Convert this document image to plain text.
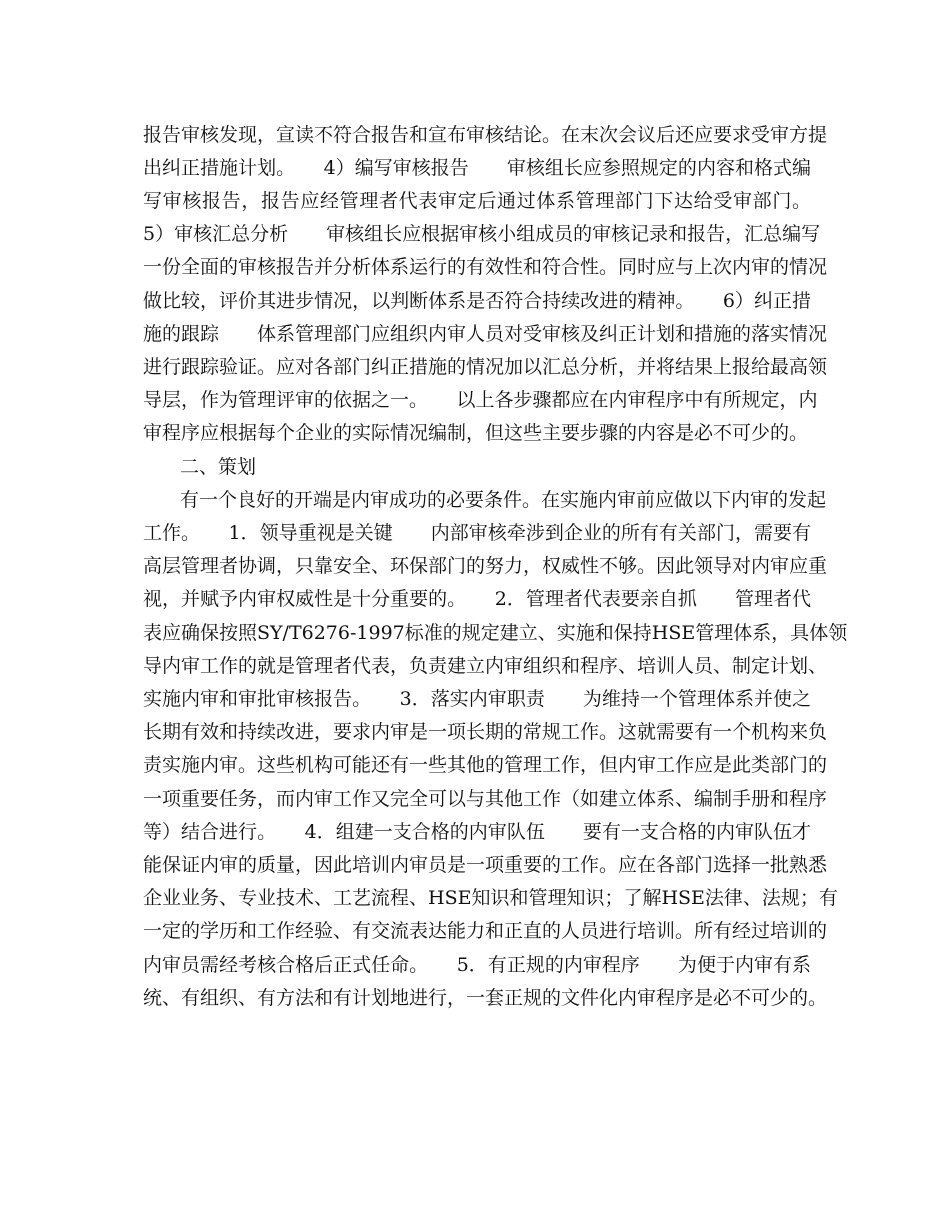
报告审核发现，宣读不符合报告和宣布审核结论。在末次会议后还应要求受审方提
出纠正措施计划。　　4）编写审核报告　　审核组长应参照规定的内容和格式编
写审核报告，报告应经管理者代表审定后通过体系管理部门下达给受审部门。
5）审核汇总分析　　审核组长应根据审核小组成员的审核记录和报告，汇总编写
一份全面的审核报告并分析体系运行的有效性和符合性。同时应与上次内审的情况
做比较，评价其进步情况，以判断体系是否符合持续改进的精神。　　6）纠正措
施的跟踪　　体系管理部门应组织内审人员对受审核及纠正计划和措施的落实情况
进行跟踪验证。应对各部门纠正措施的情况加以汇总分析，并将结果上报给最高领
导层，作为管理评审的依据之一。　　以上各步骤都应在内审程序中有所规定，内
审程序应根据每个企业的实际情况编制，但这些主要步骤的内容是必不可少的。
二、策划
有一个良好的开端是内审成功的必要条件。在实施内审前应做以下内审的发起
工作。　　1．领导重视是关键　　内部审核牵涉到企业的所有有关部门，需要有
高层管理者协调，只靠安全、环保部门的努力，权威性不够。因此领导对内审应重
视，并赋予内审权威性是十分重要的。　　2．管理者代表要亲自抓　　管理者代
表应确保按照SY/T6276-1997标准的规定建立、实施和保持HSE管理体系，具体领
导内审工作的就是管理者代表，负责建立内审组织和程序、培训人员、制定计划、
实施内审和审批审核报告。　　3．落实内审职责　　为维持一个管理体系并使之
长期有效和持续改进，要求内审是一项长期的常规工作。这就需要有一个机构来负
责实施内审。这些机构可能还有一些其他的管理工作，但内审工作应是此类部门的
一项重要任务，而内审工作又完全可以与其他工作（如建立体系、编制手册和程序
等）结合进行。　　4．组建一支合格的内审队伍　　要有一支合格的内审队伍才
能保证内审的质量，因此培训内审员是一项重要的工作。应在各部门选择一批熟悉
企业业务、专业技术、工艺流程、HSE知识和管理知识；了解HSE法律、法规；有
一定的学历和工作经验、有交流表达能力和正直的人员进行培训。所有经过培训的
内审员需经考核合格后正式任命。　　5．有正规的内审程序　　为便于内审有系
统、有组织、有方法和有计划地进行，一套正规的文件化内审程序是必不可少的。
